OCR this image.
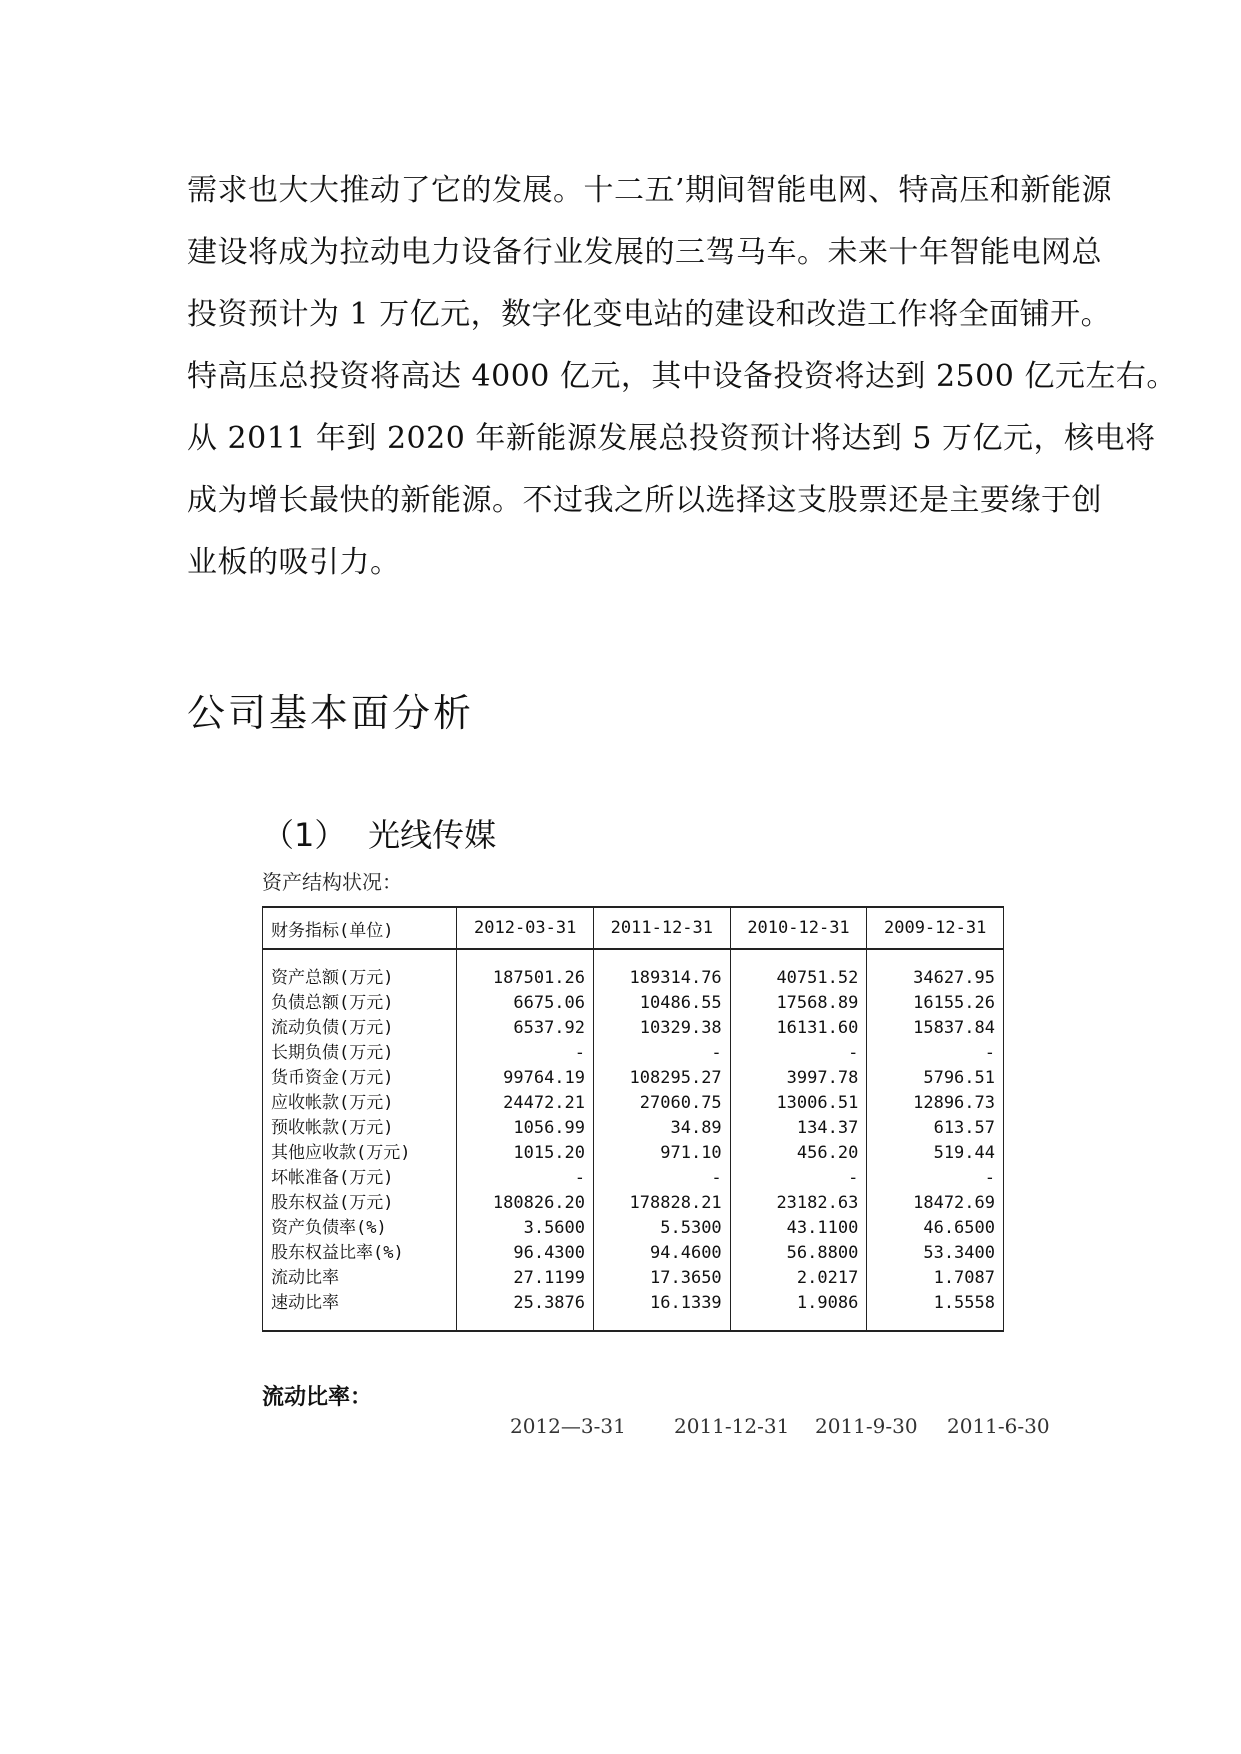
需求也大大推动了它的发展。十二五’期间智能电网、特高压和新能源
建设将成为拉动电力设备行业发展的三驾马车。未来十年智能电网总
投资预计为 1 万亿元，数字化变电站的建设和改造工作将全面铺开。
特高压总投资将高达 4000 亿元，其中设备投资将达到 2500 亿元左右。
从 2011 年到 2020 年新能源发展总投资预计将达到 5 万亿元，核电将
成为增长最快的新能源。不过我之所以选择这支股票还是主要缘于创
业板的吸引力。
公司基本面分析
（1） 光线传媒
资产结构状况：
财务指标(单位)	2012-03-31	2011-12-31	2010-12-31	2009-12-31

资产总额(万元)	187501.26	189314.76	40751.52	34627.95
负债总额(万元)	6675.06	10486.55	17568.89	16155.26
流动负债(万元)	6537.92	10329.38	16131.60	15837.84
长期负债(万元)	-	-	-	-
货币资金(万元)	99764.19	108295.27	3997.78	5796.51
应收帐款(万元)	24472.21	27060.75	13006.51	12896.73
预收帐款(万元)	1056.99	34.89	134.37	613.57
其他应收款(万元)	1015.20	971.10	456.20	519.44
坏帐准备(万元)	-	-	-	-
股东权益(万元)	180826.20	178828.21	23182.63	18472.69
资产负债率(%)	3.5600	5.5300	43.1100	46.6500
股东权益比率(%)	96.4300	94.4600	56.8800	53.3400
流动比率	27.1199	17.3650	2.0217	1.7087
速动比率	25.3876	16.1339	1.9086	1.5558

流动比率：
2012—3-31 2011-12-31 2011-9-30 2011-6-30
